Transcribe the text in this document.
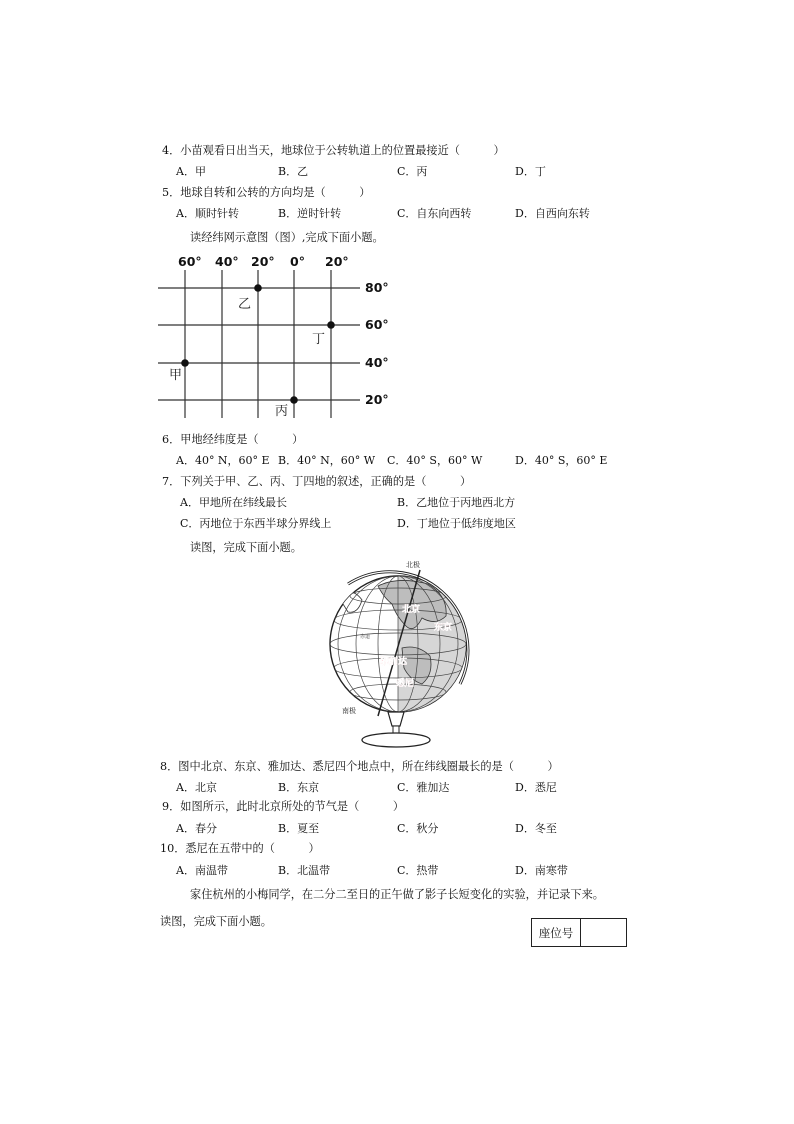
4．小苗观看日出当天，地球位于公转轨道上的位置最接近（　　　）
A．甲	B．乙	C．丙	D．丁
5．地球自转和公转的方向均是（　　　）
A．顺时针转	B．逆时针转	C．自东向西转	D．自西向东转
读经纬网示意图（图）,完成下面小题。
60° 40° 20° 0° 20°
80°
60°
40°
20°
甲
乙
丙
丁
6．甲地经纬度是（　　　）
A．40° N，60° E B．40° N，60° W C．40° S，60° W	D．40° S，60° E
7．下列关于甲、乙、丙、丁四地的叙述，正确的是（　　　）
A．甲地所在纬线最长	B．乙地位于丙地西北方
C．丙地位于东西半球分界线上	D．丁地位于低纬度地区
读图，完成下面小题。
北极
南极
赤道
北京
东京
雅加达
悉尼
8．图中北京、东京、雅加达、悉尼四个地点中，所在纬线圈最长的是（　　　）
A．北京	B．东京	C．雅加达	D．悉尼
9．如图所示，此时北京所处的节气是（　　　）
A．春分	B．夏至	C．秋分	D．冬至
10．悉尼在五带中的（　　　）
A．南温带	B．北温带	C．热带	D．南寒带
家住杭州的小梅同学，在二分二至日的正午做了影子长短变化的实验，并记录下来。
读图，完成下面小题。
座位号
